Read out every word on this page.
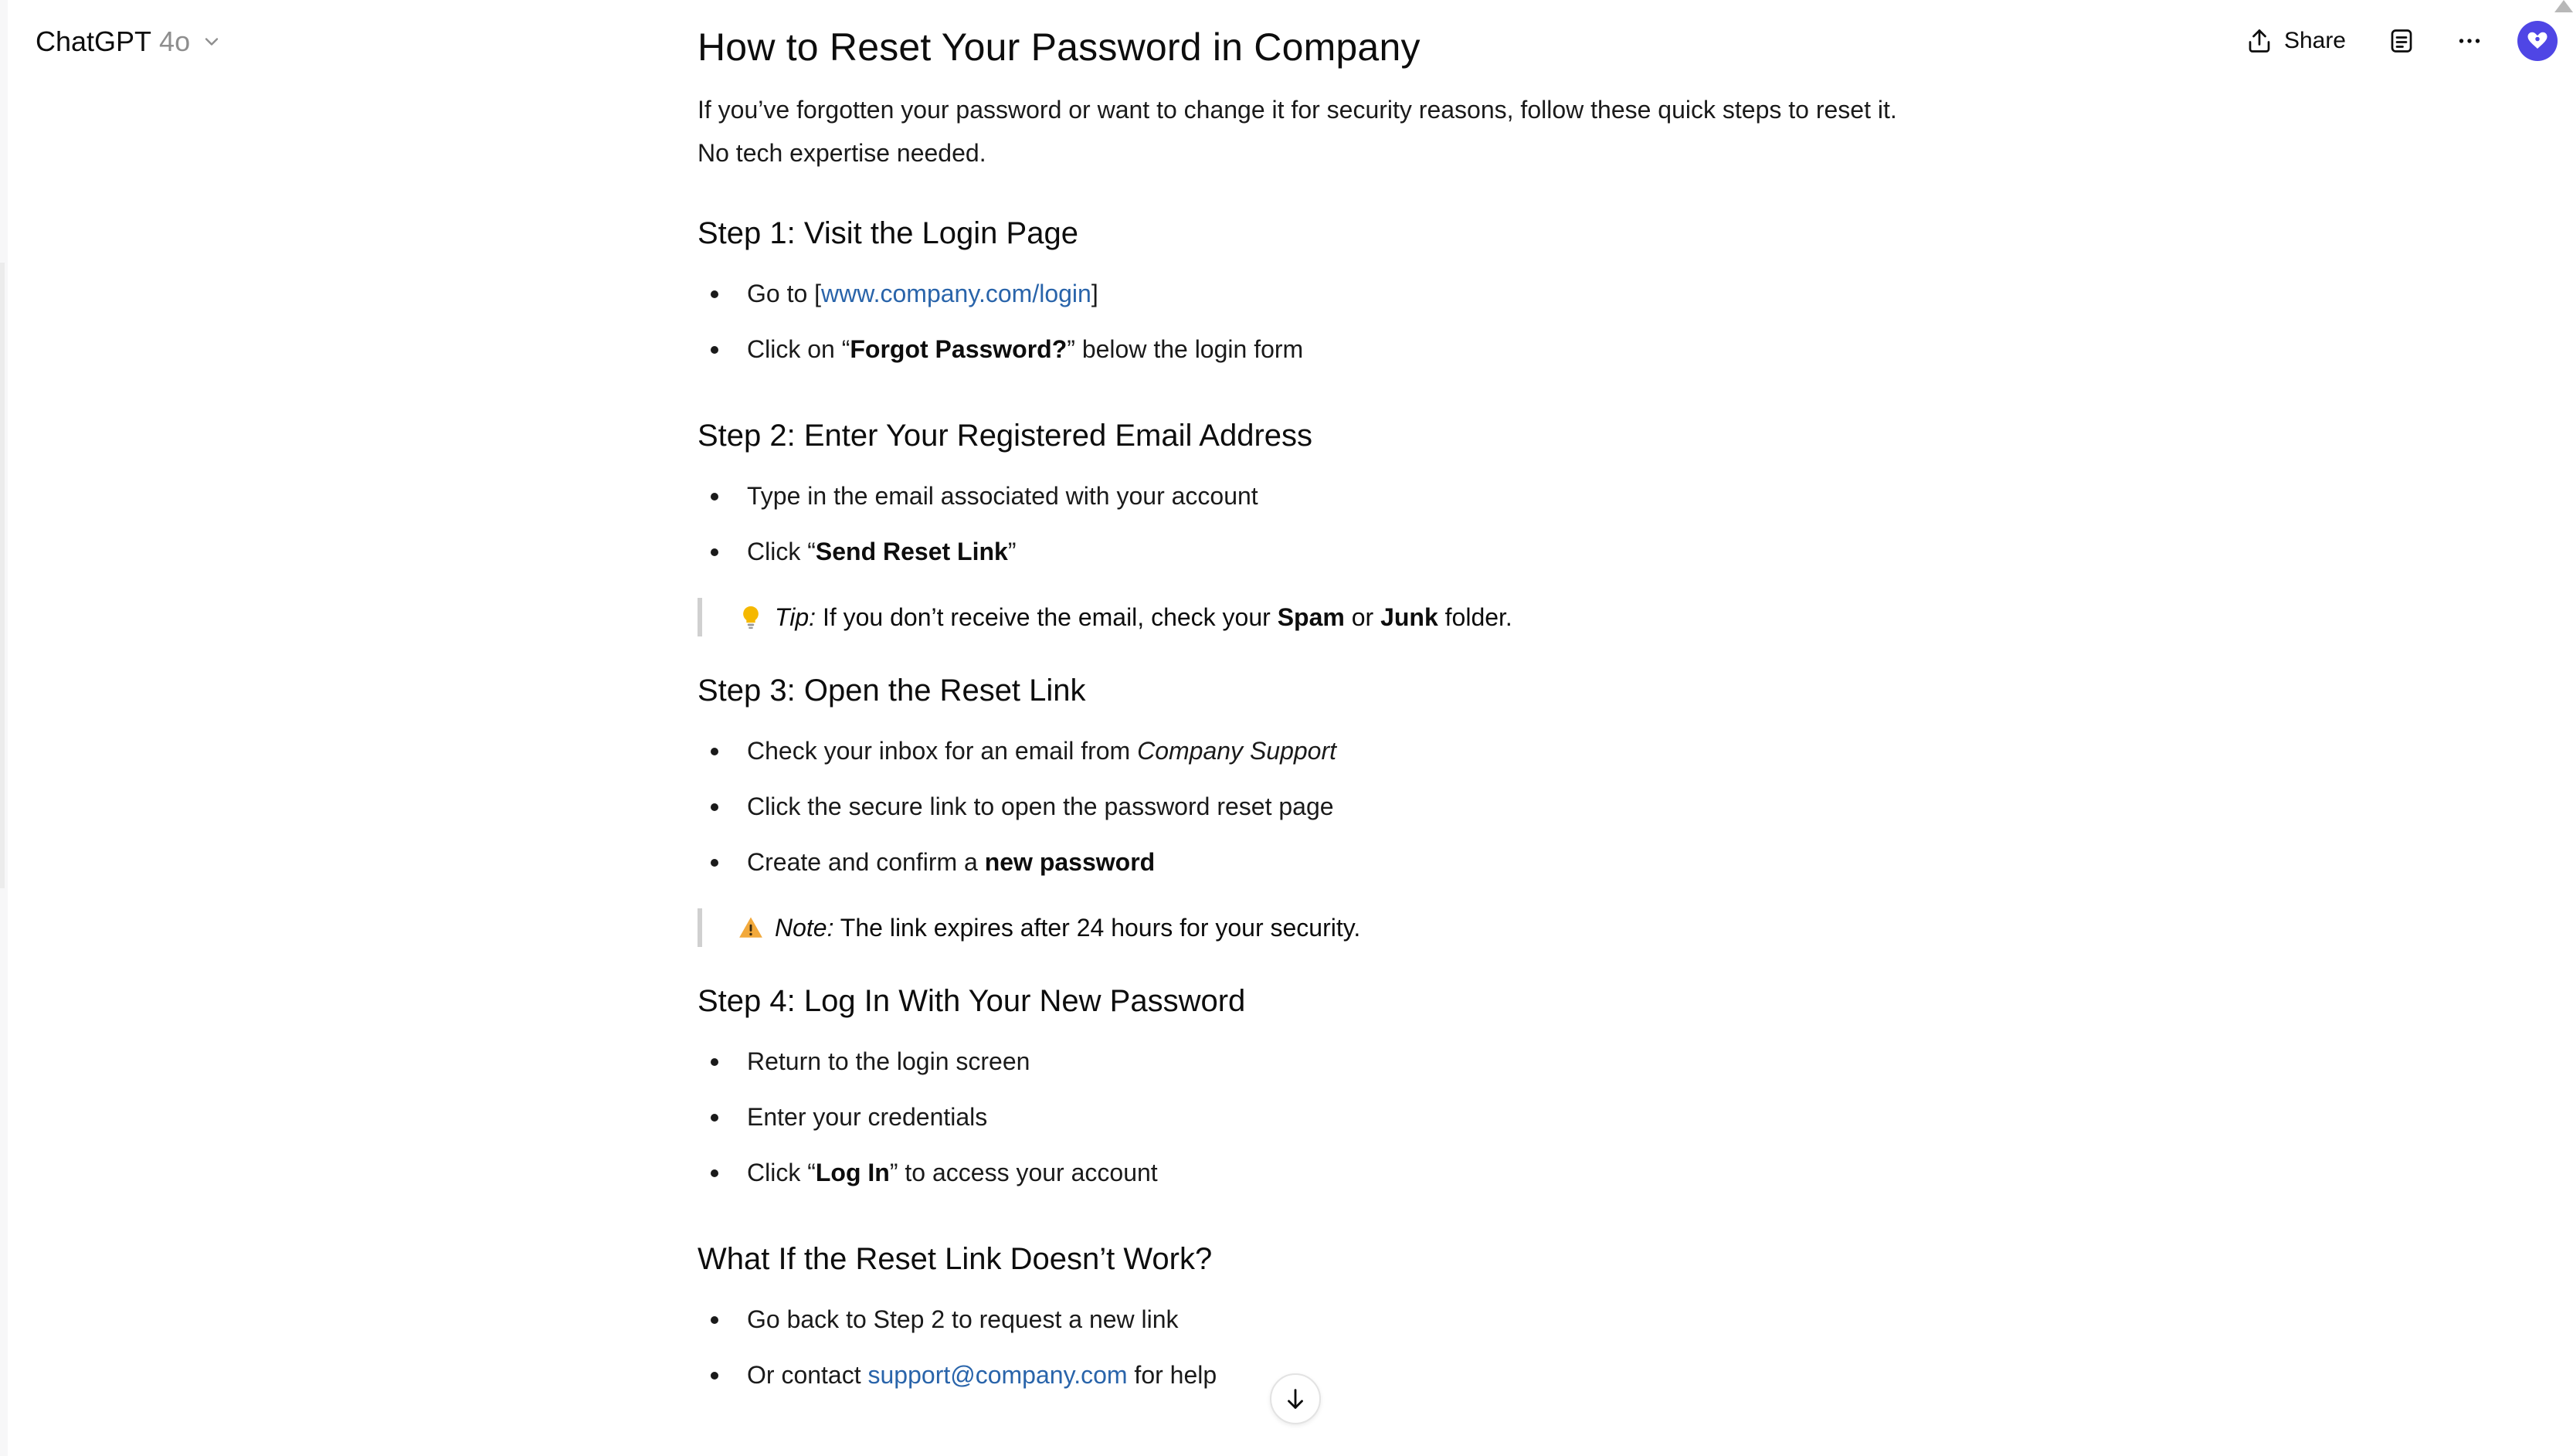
ChatGPT 4o	Share
How to Reset Your Password in Company

If you’ve forgotten your password or want to change it for security reasons, follow these quick steps to reset it. No tech expertise needed.

Step 1: Visit the Login Page
Go to [www.company.com/login]
Click on “Forgot Password?” below the login form
Step 2: Enter Your Registered Email Address
Type in the email associated with your account
Click “Send Reset Link”
Tip: If you don’t receive the email, check your Spam or Junk folder.
Step 3: Open the Reset Link
Check your inbox for an email from Company Support
Click the secure link to open the password reset page
Create and confirm a new password
Note: The link expires after 24 hours for your security.
Step 4: Log In With Your New Password
Return to the login screen
Enter your credentials
Click “Log In” to access your account
What If the Reset Link Doesn’t Work?
Go back to Step 2 to request a new link
Or contact support@company.com for help
